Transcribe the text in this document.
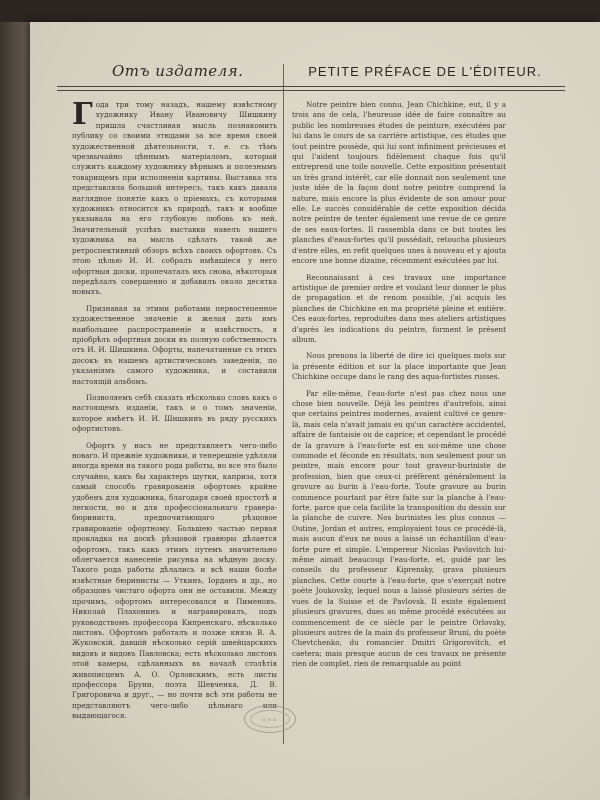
Отъ издателя.	PETITE PRÉFACE DE L'ÉDITEUR.

Года три тому назадъ, нашему извѣстному художнику Ивану Ивановичу Шишкину пришла счастливая мысль познакомить публику со своими этюдами за все время своей художественной дѣятельности, т. е. съ тѣмъ чрезвычайно цѣннымъ матеріаломъ, который служитъ каждому художнику вѣрнымъ и полезнымъ товарищемъ при исполненіи картины. Выставка эта представляла большой интересъ, такъ какъ давала наглядное понятіе какъ о пріемахъ, съ которыми художникъ относится къ природѣ, такъ и вообще указывала на его глубокую любовь къ ней. Значительный успѣхъ выставки навелъ нашего художника на мысль сдѣлать такой же ретроспективный обзоръ всѣхъ своихъ офортовъ. Съ этою цѣлью И. И. собралъ имѣвшіеся у него офортныя доски, пропечаталъ ихъ снова, нѣкоторыя передѣлалъ совершенно и добавилъ около десятка новыхъ.

Признавая за этими работами первостепенное художественное значеніе и желая дать имъ наибольшее распространеніе и извѣстность, я пріобрѣлъ офортныя доски въ полную собственность отъ И. И. Шишкина. Офорты, напечатанные съ этихъ досокъ въ нашемъ артистическомъ заведеніи, по указаніямъ самого художника, и составили настоящій альбомъ.

Позволяемъ себѣ сказать нѣсколько словъ какъ о настоящемъ изданіи, такъ и о томъ значеніи, которое имѣетъ И. И. Шишкинъ въ ряду русскихъ офортистовъ.

Офортъ у насъ не представляетъ чего-либо новаго. И прежніе художники, и теперешніе удѣляли иногда время на такого рода работы, но все это было случайно, какъ бы характеръ шутки, каприза, хотя самый способъ гравированія офортомъ крайне удобенъ для художника, благодаря своей простотѣ и легкости, но и для профессіональнаго гравера-бюриниста, предпочитающаго рѣзцовое гравированіе офортному. Большею частью первая прокладка на доскѣ рѣзцовой гравюры дѣлается офортомъ, такъ какъ этимъ путемъ значительно облегчается нанесеніе рисунка на мѣдную доску. Такого рода работы дѣлались и всѣ наши болѣе извѣстные бюринисты — Уткинъ, Іорданъ и др., но образцовъ чистаго офорта они не оставили. Между прочимъ, офортомъ интересовался и Пименовъ. Николай Плахонинъ и награвировалъ, подъ руководствомъ профессора Кипренскаго, нѣсколько листовъ. Офортомъ работалъ и позже князь В. А. Жуковскій, давшій нѣсколько серій швейцарскихъ видовъ и видовъ Павловска; есть нѣсколько листовъ этой камеры, сдѣланныхъ въ началѣ столѣтія живописцемъ А. О. Орловскимъ, есть листы профессора Бруни, поэта Шевченка, Д. В. Григоровича и друг., — но почти всѣ эти работы не представляютъ чего-либо цѣльнаго или выдающагося.

Notre peintre bien connu, Jean Chichkine, eut, il y a trois ans de cela, l'heureuse idée de faire connaître au public les nombreuses études de peinture, exécutées par lui dans le cours de sa carrière artistique, ces études que tout peintre possède, qui lui sont infiniment précieuses et qui l'aident toujours fidèlement chaque fois qu'il entreprend une toile nouvelle. Cette exposition présentait un très grand intérêt, car elle donnait non seulement une juste idée de la façon dont notre peintre comprend la nature, mais encore la plus évidente de son amour pour elle. Le succès considérable de cette exposition décida notre peintre de tenter également une revue de ce genre de ses eaux-fortes. Il rassembla dans ce but toutes les planches d'eaux-fortes qu'il possédait, retoucha plusieurs d'entre elles, en refit quelques unes à nouveau et y ajouta encore une bonne dizaine, récemment exécutées par lui.

Reconnaissant à ces travaux une importance artistique de premier ordre et voulant leur donner le plus de propagation et de renom possible, j'ai acquis les planches de Chichkine en ma propriété pleine et entière. Ces eaux-fortes, reproduites dans mes ateliers artistiques d'après les indications du peintre, forment le présent album.

Nous prenons la liberté de dire ici quelques mots sur la présente édition et sur la place importante que Jean Chichkine occupe dans le rang des aqua-fortistes russes.

Par elle-même, l'eau-forte n'est pas chez nous une chose bien nouvelle. Déjà les peintres d'autrefois, ainsi que certains peintres modernes, avaient cultivé ce genre-là, mais cela n'avait jamais eu qu'un caractère accidentel, affaire de fantaisie ou de caprice; et cependant le procédé de la gravure à l'eau-forte est en soi-même une chose commode et féconde en résultats, non seulement pour un peintre, mais encore pour tout graveur-buriniste de profession, bien que ceux-ci préfèrent généralement la gravure au burin à l'eau-forte. Toute gravure au burin commence pourtant par être faite sur la planche à l'eau-forte, parce que cela facilite la transposition du dessin sur la planche de cuivre. Nos burinistes les plus connus — Outine, Jordan et autres, employaient tous ce procédé-là, mais aucun d'eux ne nous a laissé un échantillon d'eau-forte pure et simple. L'empereur Nicolas Pavlovitch lui-même aimait beaucoup l'eau-forte, et, guidé par les conseils du professeur Kiprensky, grava plusieurs planches. Cette courte à l'eau-forte, que s'exerçait notre poète Joukovsky, lequel nous a laissé plusieurs séries de vues de la Suisse et de Pavlovsk. Il existe également plusieurs gravures, dues au même procédé exécutées au commencement de ce siècle par le peintre Orlovsky, plusieurs autres de la main du professeur Bruni, du poète Chevtchenko, du romancier Dmitri Grigorovitch, et caetera; mais presque aucun de ces travaux ne présente rien de complet, rien de remarquable au point

А. Ф. М.
